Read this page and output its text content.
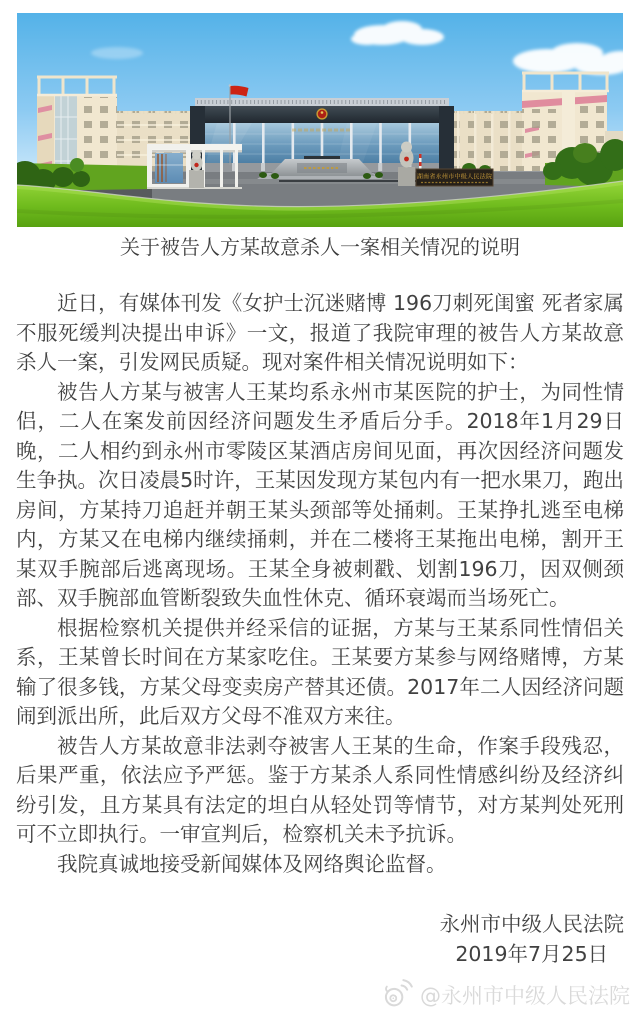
湖南省永州市中级人民法院
关于被告人方某故意杀人一案相关情况的说明

近日，有媒体刊发《女护士沉迷赌博 196刀刺死闺蜜 死者家属不服死缓判决提出申诉》一文，报道了我院审理的被告人方某故意杀人一案，引发网民质疑。现对案件相关情况说明如下：

被告人方某与被害人王某均系永州市某医院的护士，为同性情侣，二人在案发前因经济问题发生矛盾后分手。2018年1月29日晚，二人相约到永州市零陵区某酒店房间见面，再次因经济问题发生争执。次日凌晨5时许，王某因发现方某包内有一把水果刀，跑出房间，方某持刀追赶并朝王某头颈部等处捅刺。王某挣扎逃至电梯内，方某又在电梯内继续捅刺，并在二楼将王某拖出电梯，割开王某双手腕部后逃离现场。王某全身被刺戳、划割196刀，因双侧颈部、双手腕部血管断裂致失血性休克、循环衰竭而当场死亡。

根据检察机关提供并经采信的证据，方某与王某系同性情侣关系，王某曾长时间在方某家吃住。王某要方某参与网络赌博，方某输了很多钱，方某父母变卖房产替其还债。2017年二人因经济问题闹到派出所，此后双方父母不准双方来往。

被告人方某故意非法剥夺被害人王某的生命，作案手段残忍，后果严重，依法应予严惩。鉴于方某杀人系同性情感纠纷及经济纠纷引发，且方某具有法定的坦白从轻处罚等情节，对方某判处死刑可不立即执行。一审宣判后，检察机关未予抗诉。

我院真诚地接受新闻媒体及网络舆论监督。

永州市中级人民法院
2019年7月25日
@永州市中级人民法院
